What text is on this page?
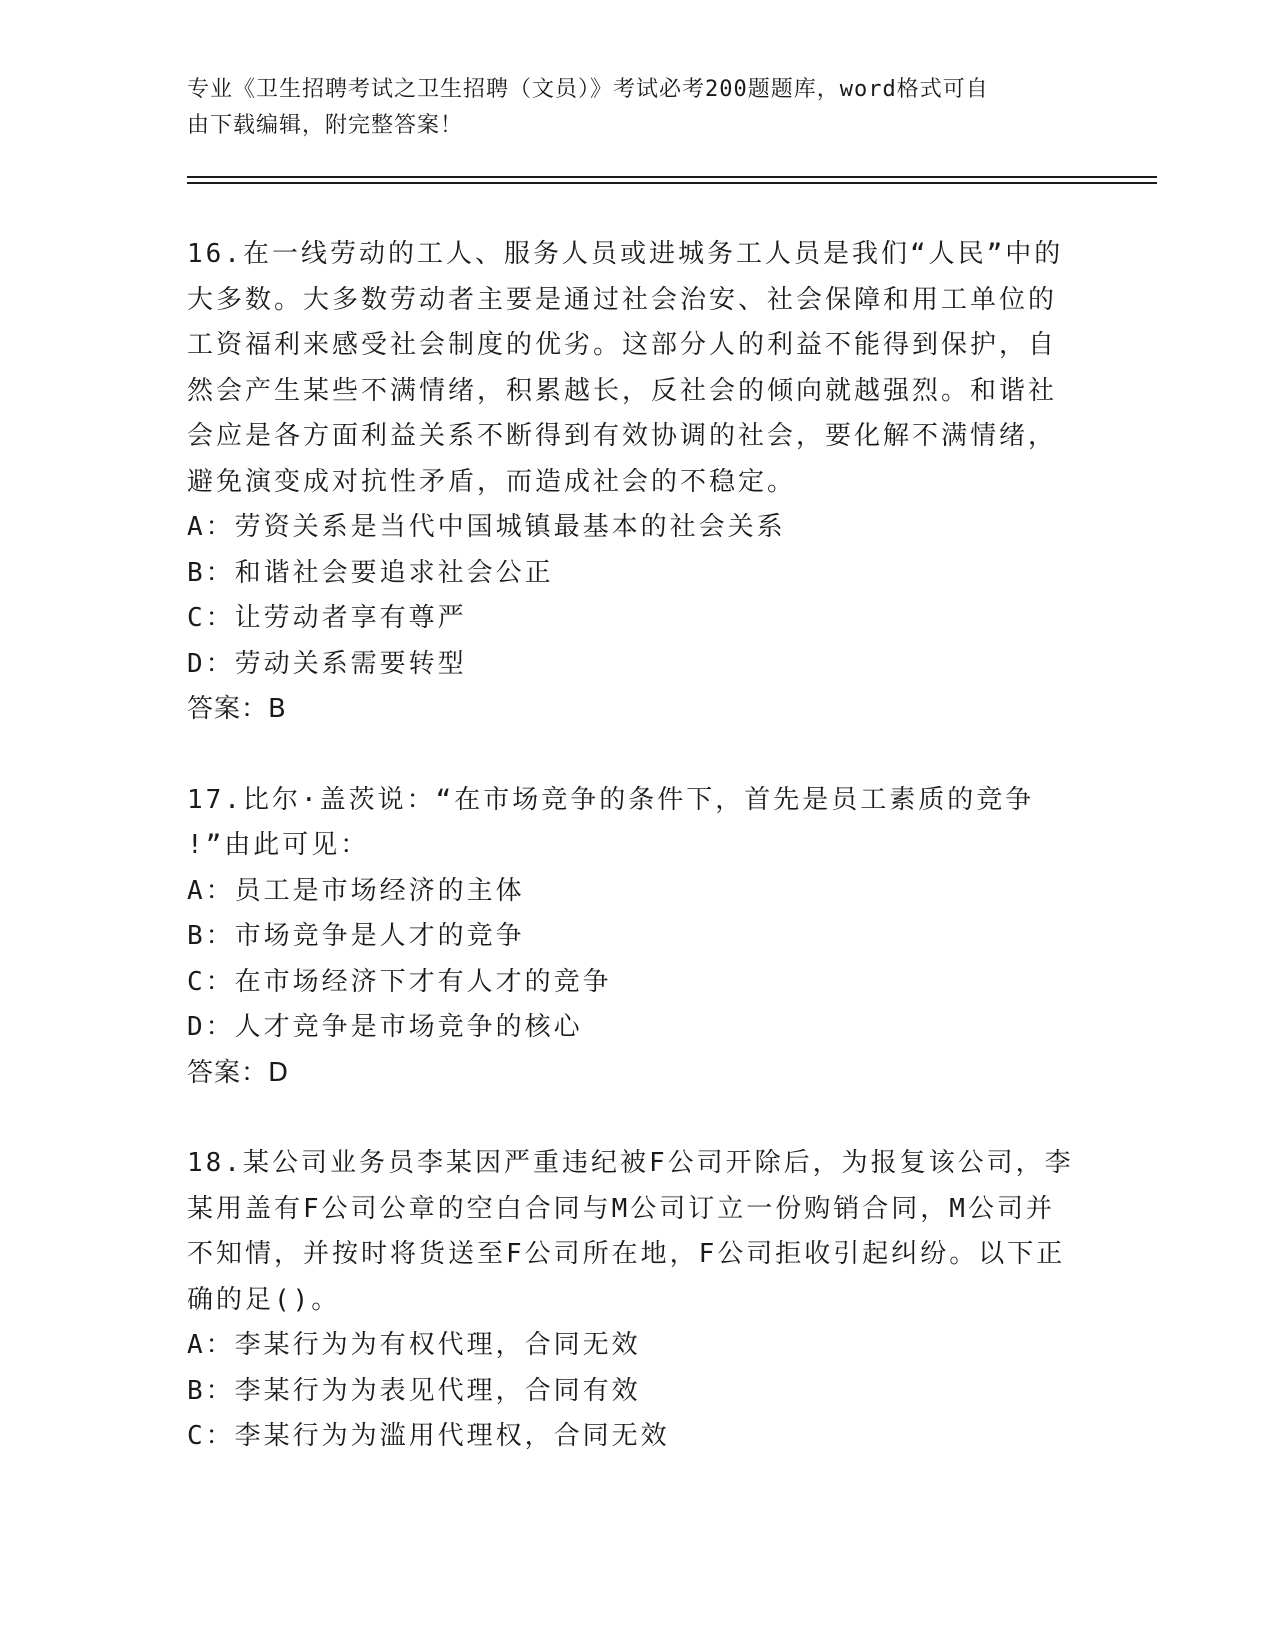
专业《卫生招聘考试之卫生招聘（文员）》考试必考200题题库，word格式可自
由下载编辑，附完整答案！

16.在一线劳动的工人、服务人员或进城务工人员是我们“人民”中的

大多数。大多数劳动者主要是通过社会治安、社会保障和用工单位的

工资福利来感受社会制度的优劣。这部分人的利益不能得到保护，自

然会产生某些不满情绪，积累越长，反社会的倾向就越强烈。和谐社

会应是各方面利益关系不断得到有效协调的社会，要化解不满情绪，

避免演变成对抗性矛盾，而造成社会的不稳定。

A：劳资关系是当代中国城镇最基本的社会关系

B：和谐社会要追求社会公正

C：让劳动者享有尊严

D：劳动关系需要转型

答案：B

17.比尔·盖茨说：“在市场竞争的条件下，首先是员工素质的竞争

!”由此可见：

A：员工是市场经济的主体

B：市场竞争是人才的竞争

C：在市场经济下才有人才的竞争

D：人才竞争是市场竞争的核心

答案：D

18.某公司业务员李某因严重违纪被F公司开除后，为报复该公司，李

某用盖有F公司公章的空白合同与M公司订立一份购销合同，M公司并

不知情，并按时将货送至F公司所在地，F公司拒收引起纠纷。以下正

确的足()。

A：李某行为为有权代理，合同无效

B：李某行为为表见代理，合同有效

C：李某行为为滥用代理权，合同无效
